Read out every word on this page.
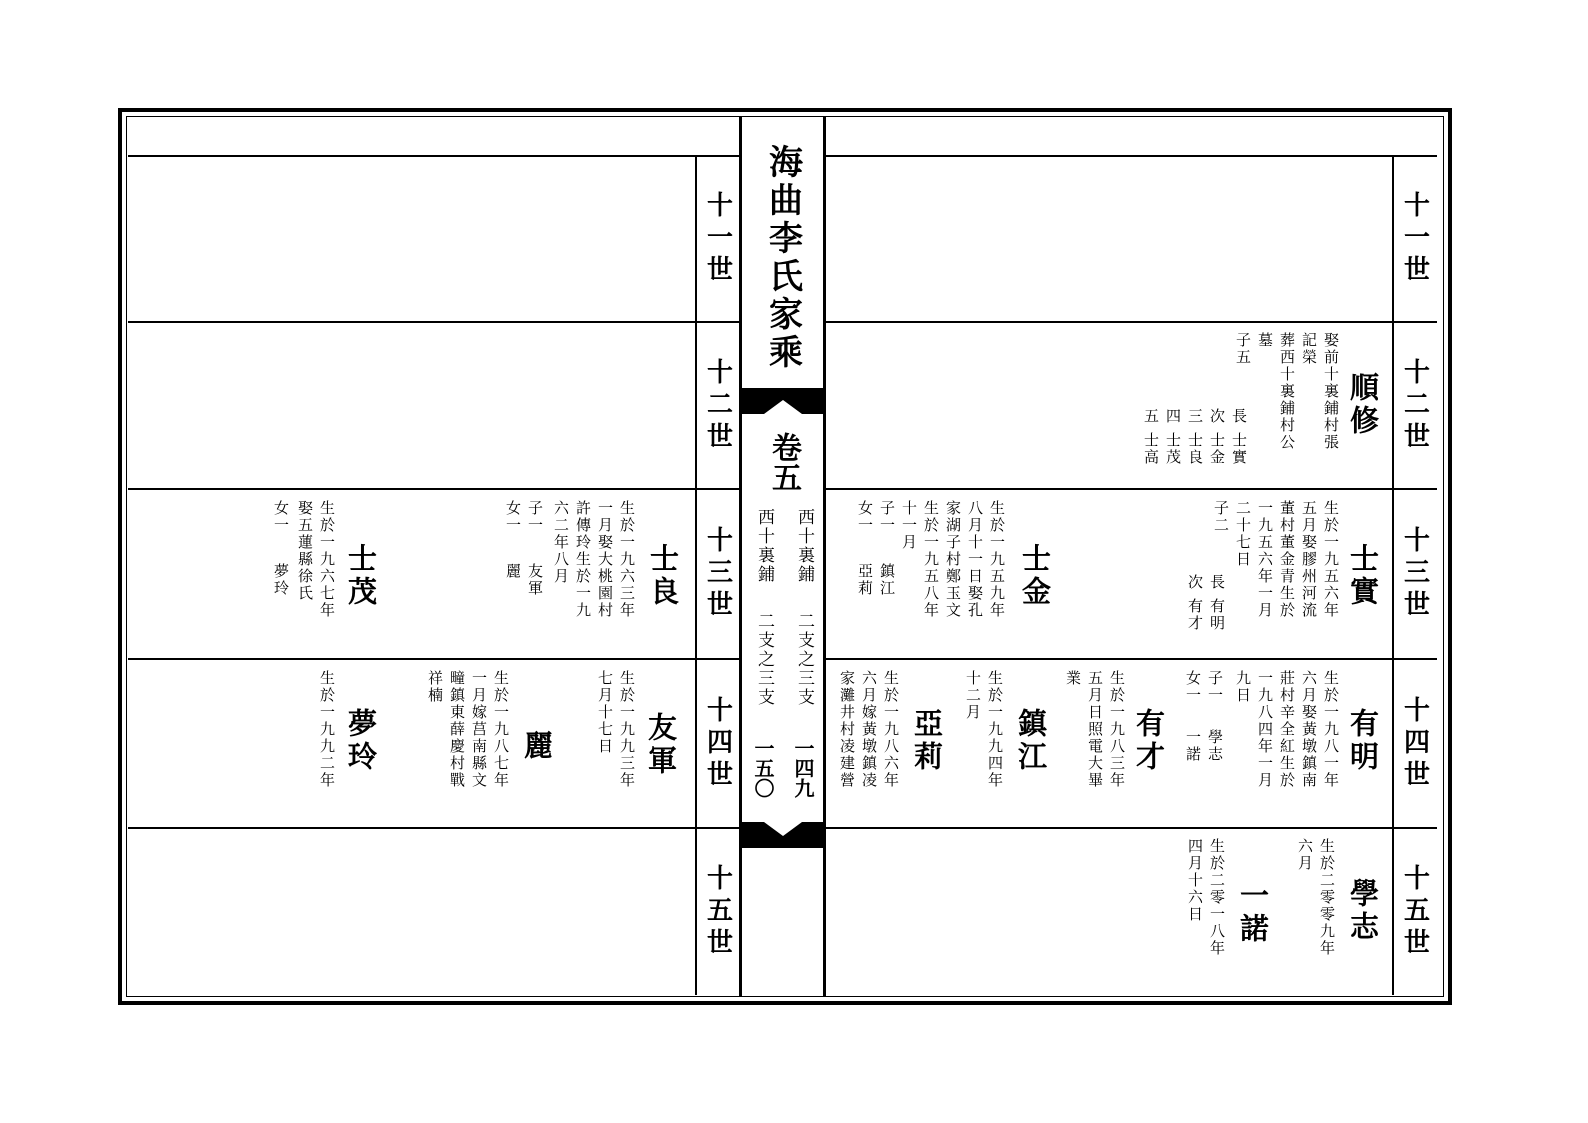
海曲李氏家乘
卷五
西十裏鋪
二支之三支
一四九
西十裏鋪
二支之三支
一五〇
十一世
十二世
十三世
十四世
十五世
十一世
十二世
十三世
十四世
十五世
順修
娶前十裏鋪村張
記榮
葬西十裏鋪村公
墓
子五
長 士實
次 士金
三 士良
四 士茂
五 士高
士實
生於一九五六年
五月娶膠州河流
董村董金青生於
一九五六年一月
二十七日
子二
長 有明
次 有才
士金
生於一九五九年
八月十一日娶孔
家湖子村鄭玉文
生於一九五八年
十一月
子一 鎮江
女一 亞莉
士良
生於一九六三年
一月娶大桃園村
許傳玲生於一九
六二年八月
子一 友軍
女一 麗
士茂
生於一九六七年
娶五蓮縣徐氏
女一 夢玲
有明
生於一九八一年
六月娶黃墩鎮南
莊村辛全紅生於
一九八四年一月
九日
子一 學志
女一 一諾
有才
生於一九八三年
五月日照電大畢
業
鎮江
生於一九九四年
十二月
亞莉
生於一九八六年
六月嫁黃墩鎮凌
家灘井村凌建營
友軍
生於一九九三年
七月十七日
麗
生於一九八七年
一月嫁莒南縣文
疃鎮東薛慶村戰
祥楠
夢玲
生於一九九二年
學志
生於二零零九年
六月
一諾
生於二零一八年
四月十六日
